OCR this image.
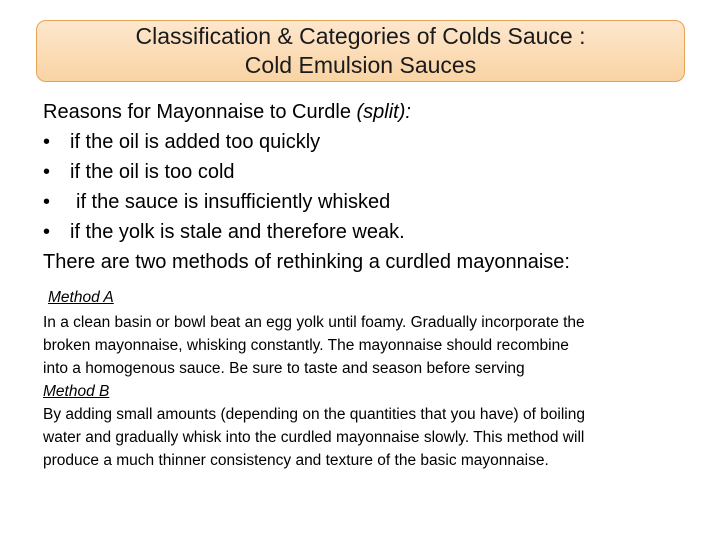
Classification & Categories of Colds Sauce :
Cold Emulsion Sauces
Reasons for Mayonnaise to Curdle (split):
• if the oil is added too quickly
• if the oil is too cold
•	if the sauce is insufficiently whisked
• if the yolk is stale and therefore weak.
There are two methods of rethinking a curdled mayonnaise:
Method A
In a clean basin or bowl beat an egg yolk until foamy. Gradually incorporate the
broken mayonnaise, whisking constantly. The mayonnaise should recombine
into a homogenous sauce. Be sure to taste and season before serving
Method B
By adding small amounts (depending on the quantities that you have) of boiling
water and gradually whisk into the curdled mayonnaise slowly. This method will
produce a much thinner consistency and texture of the basic mayonnaise.
